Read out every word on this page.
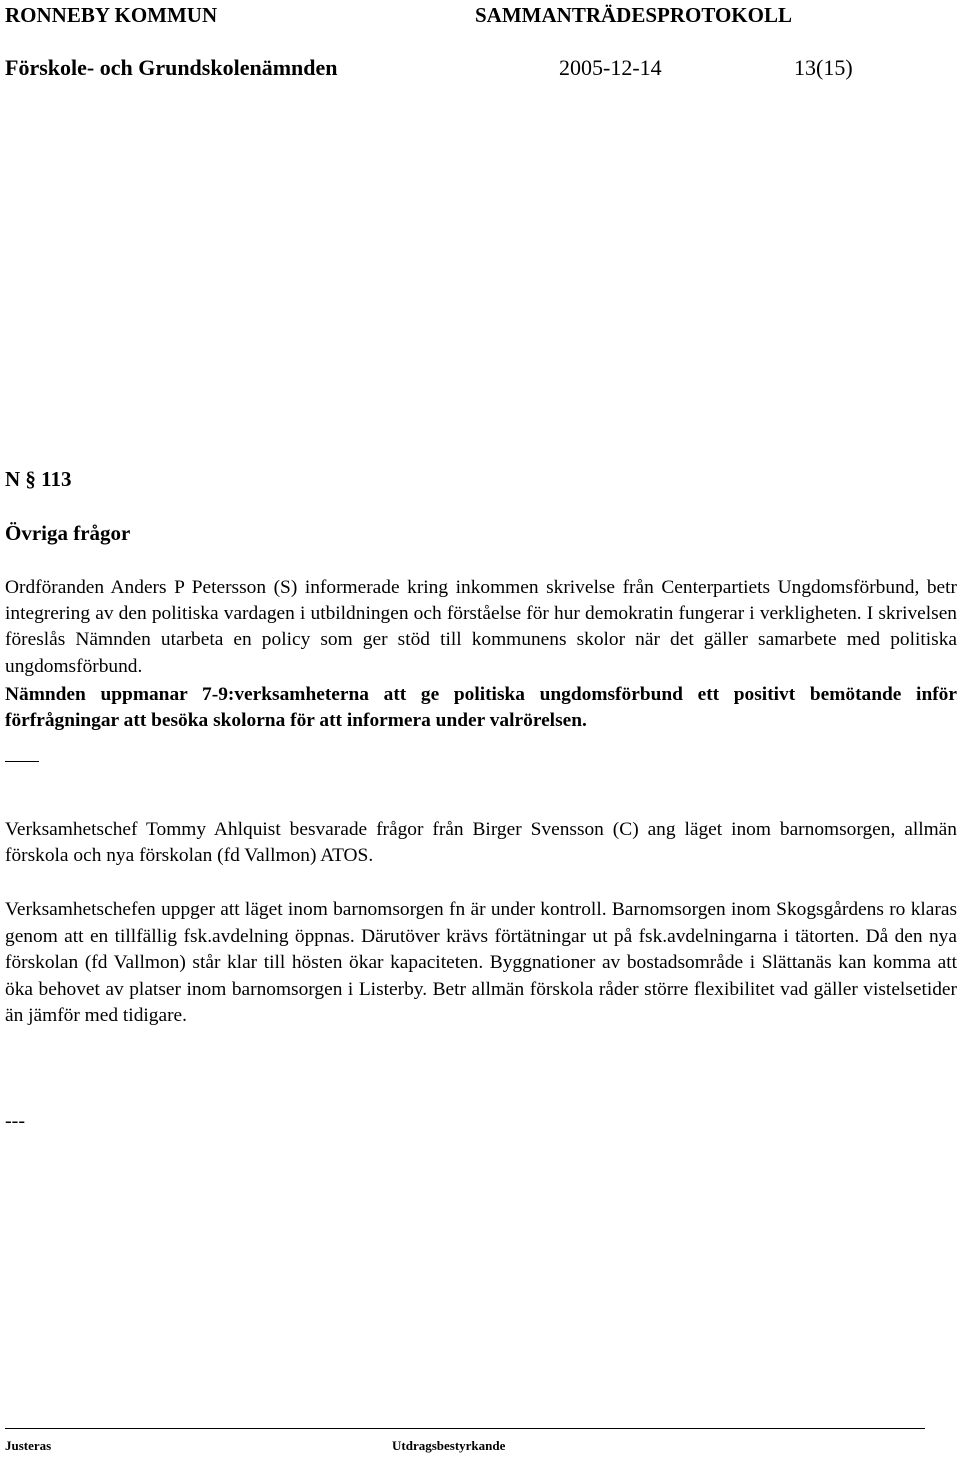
RONNEBY KOMMUN	SAMMANTRÄDESPROTOKOLL
Förskole- och Grundskolenämnden	2005-12-14	13(15)
N § 113
Övriga frågor
Ordföranden Anders P Petersson (S) informerade kring inkommen skrivelse från Centerpartiets Ungdomsförbund, betr integrering av den politiska vardagen i utbildningen och förståelse för hur demokratin fungerar i verkligheten. I skrivelsen föreslås Nämnden utarbeta en policy som ger stöd till kommunens skolor när det gäller samarbete med politiska ungdomsförbund.
Nämnden uppmanar 7-9:verksamheterna att ge politiska ungdomsförbund ett positivt bemötande inför förfrågningar att besöka skolorna för att informera under valrörelsen.
Verksamhetschef Tommy Ahlquist besvarade frågor från Birger Svensson (C) ang läget inom barnomsorgen, allmän förskola och nya förskolan (fd Vallmon) ATOS.
Verksamhetschefen uppger att läget inom barnomsorgen fn är under kontroll. Barnomsorgen inom Skogsgårdens ro klaras genom att en tillfällig fsk.avdelning öppnas. Därutöver krävs förtätningar ut på fsk.avdelningarna i tätorten. Då den nya förskolan (fd Vallmon) står klar till hösten ökar kapaciteten. Byggnationer av bostadsområde i Slättanäs kan komma att öka behovet av platser inom barnomsorgen i Listerby. Betr allmän förskola råder större flexibilitet vad gäller vistelsetider än jämför med tidigare.
---
Justeras	Utdragsbestyrkande
